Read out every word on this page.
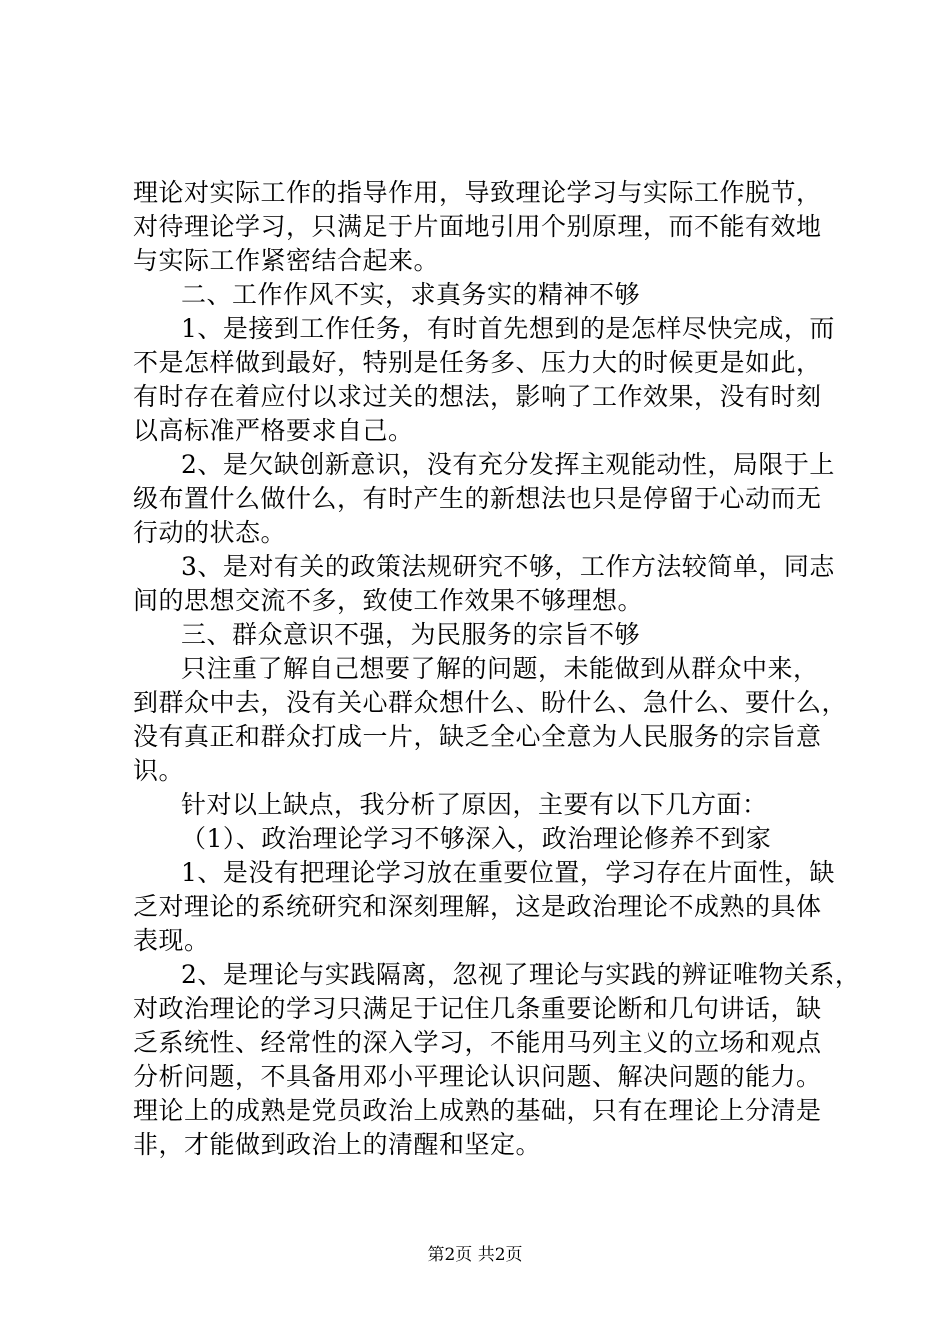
理论对实际工作的指导作用，导致理论学习与实际工作脱节，
对待理论学习，只满足于片面地引用个别原理，而不能有效地
与实际工作紧密结合起来。
二、工作作风不实，求真务实的精神不够
1、是接到工作任务，有时首先想到的是怎样尽快完成，而
不是怎样做到最好，特别是任务多、压力大的时候更是如此，
有时存在着应付以求过关的想法，影响了工作效果，没有时刻
以高标准严格要求自己。
2、是欠缺创新意识，没有充分发挥主观能动性，局限于上
级布置什么做什么，有时产生的新想法也只是停留于心动而无
行动的状态。
3、是对有关的政策法规研究不够，工作方法较简单，同志
间的思想交流不多，致使工作效果不够理想。
三、群众意识不强，为民服务的宗旨不够
只注重了解自己想要了解的问题，未能做到从群众中来，
到群众中去，没有关心群众想什么、盼什么、急什么、要什么，
没有真正和群众打成一片，缺乏全心全意为人民服务的宗旨意
识。
针对以上缺点，我分析了原因，主要有以下几方面：
（1）、政治理论学习不够深入，政治理论修养不到家
1、是没有把理论学习放在重要位置，学习存在片面性，缺
乏对理论的系统研究和深刻理解，这是政治理论不成熟的具体
表现。
2、是理论与实践隔离，忽视了理论与实践的辨证唯物关系，
对政治理论的学习只满足于记住几条重要论断和几句讲话，缺
乏系统性、经常性的深入学习，不能用马列主义的立场和观点
分析问题，不具备用邓小平理论认识问题、解决问题的能力。
理论上的成熟是党员政治上成熟的基础，只有在理论上分清是
非，才能做到政治上的清醒和坚定。
第2页 共2页
